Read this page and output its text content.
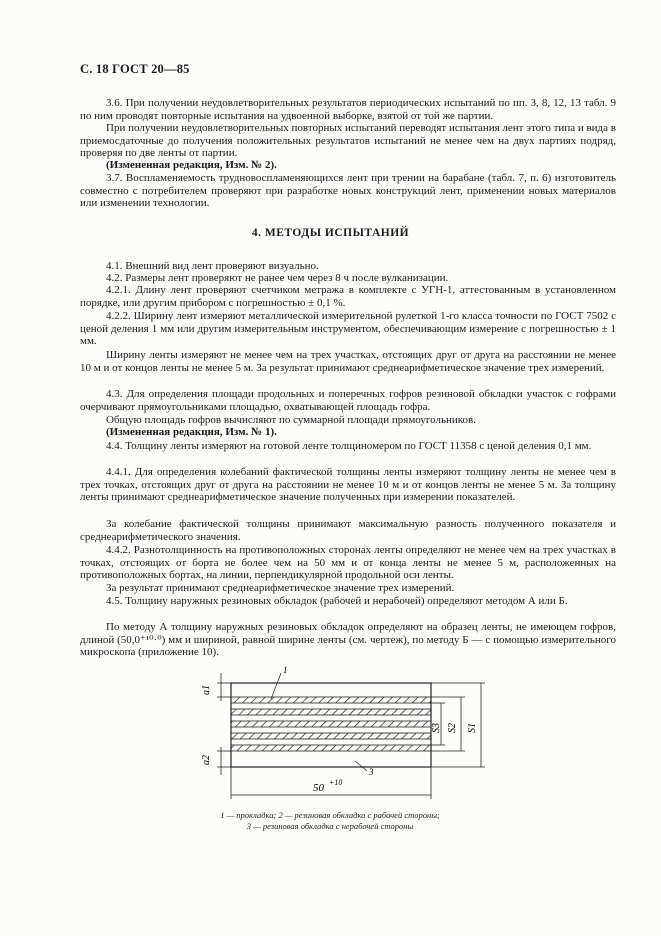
С. 18 ГОСТ 20—85
3.6. При получении неудовлетворительных результатов периодических испытаний по пп. 3, 8, 12, 13 табл. 9 по ним проводят повторные испытания на удвоенной выборке, взятой от той же партии.
При получении неудовлетворительных повторных испытаний переводят испытания лент этого типа и вида в приемосдаточные до получения положительных результатов испытаний не менее чем на двух партиях подряд, проверяя по две ленты от партии.
(Измененная редакция, Изм. № 2).
3.7. Воспламеняемость трудновоспламеняющихся лент при трении на барабане (табл. 7, п. 6) изготовитель совместно с потребителем проверяют при разработке новых конструкций лент, применении новых материалов или изменении технологии.
4. МЕТОДЫ ИСПЫТАНИЙ
4.1. Внешний вид лент проверяют визуально.
4.2. Размеры лент проверяют не ранее чем через 8 ч после вулканизации.
4.2.1. Длину лент проверяют счетчиком метража в комплекте с УГН-1, аттестованным в установленном порядке, или другим прибором с погрешностью ± 0,1 %.
4.2.2. Ширину лент измеряют металлической измерительной рулеткой 1-го класса точности по ГОСТ 7502 с ценой деления 1 мм или другим измерительным инструментом, обеспечивающим измерение с погрешностью ± 1 мм.
Ширину ленты измеряют не менее чем на трех участках, отстоящих друг от друга на расстоянии не менее 10 м и от концов ленты не менее 5 м. За результат принимают среднеарифметическое значение трех измерений.
4.3. Для определения площади продольных и поперечных гофров резиновой обкладки участок с гофрами очерчивают прямоугольниками площадью, охватывающей площадь гофра.
Общую площадь гофров вычисляют по суммарной площади прямоугольников.
(Измененная редакция, Изм. № 1).
4.4. Толщину ленты измеряют на готовой ленте толщиномером по ГОСТ 11358 с ценой деления 0,1 мм.
4.4.1. Для определения колебаний фактической толщины ленты измеряют толщину ленты не менее чем в трех точках, отстоящих друг от друга на расстоянии не менее 10 м и от концов ленты не менее 5 м. За толщину ленты принимают среднеарифметическое значение полученных при измерении показателей.
За колебание фактической толщины принимают максимальную разность полученного показателя и среднеарифметического значения.
4.4.2. Разнотолщинность на противоположных сторонах ленты определяют не менее чем на трех участках в точках, отстоящих от борта не более чем на 50 мм и от конца ленты не менее 5 м, расположенных на противоположных бортах, на линии, перпендикулярной продольной оси ленты.
За результат принимают среднеарифметическое значение трех измерений.
4.5. Толщину наружных резиновых обкладок (рабочей и нерабочей) определяют методом А или Б.
По методу А толщину наружных резиновых обкладок определяют на образец ленты, не имеющем гофров, длиной (50,0⁺¹⁰·⁰) мм и шириной, равной ширине ленты (см. чертеж), по методу Б — с помощью измерительного микроскопа (приложение 10).
a1
a2
S1
S2
S3
1
3
50 +10
1 — прокладка; 2 — резиновая обкладка с рабочей стороны;
3 — резиновая обкладка с нерабочей стороны
